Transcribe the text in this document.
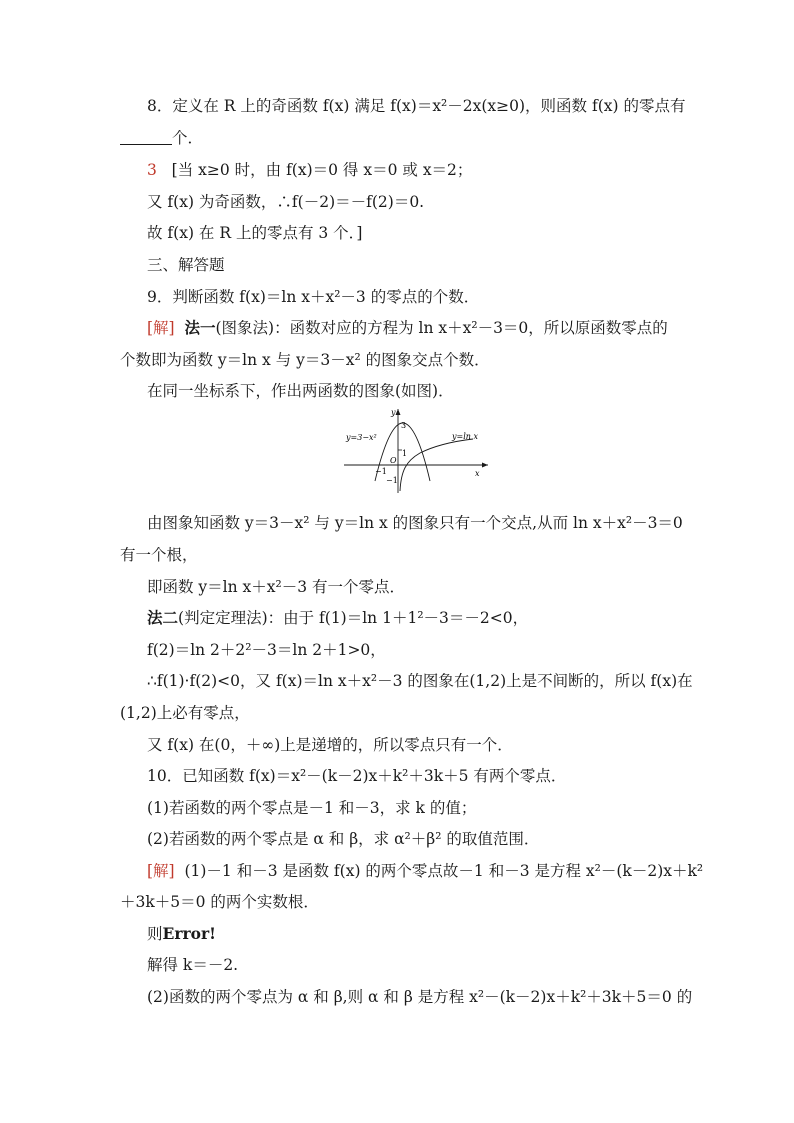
8．定义在 R 上的奇函数 f(x) 满足 f(x)＝x²－2x(x≥0)，则函数 f(x) 的零点有
个．
3 [当 x≥0 时，由 f(x)＝0 得 x＝0 或 x＝2；
又 f(x) 为奇函数，∴f(－2)＝－f(2)＝0.
故 f(x) 在 R 上的零点有 3 个．]
三、解答题
9．判断函数 f(x)＝ln x＋x²－3 的零点的个数．
[解] 法一(图象法)：函数对应的方程为 ln x＋x²－3＝0，所以原函数零点的
个数即为函数 y＝ln x 与 y＝3－x² 的图象交点个数．
在同一坐标系下，作出两函数的图象(如图)．
y=3−x²	y=ln x
y
x
3
1
O
−1
−1
由图象知函数 y＝3－x² 与 y＝ln x 的图象只有一个交点,从而 ln x＋x²－3＝0
有一个根，
即函数 y＝ln x＋x²－3 有一个零点．
法二(判定定理法)：由于 f(1)＝ln 1＋1²－3＝－2<0，
f(2)＝ln 2＋2²－3＝ln 2＋1>0，
∴f(1)·f(2)<0，又 f(x)＝ln x＋x²－3 的图象在(1,2)上是不间断的，所以 f(x)在
(1,2)上必有零点，
又 f(x) 在(0，＋∞)上是递增的，所以零点只有一个．
10．已知函数 f(x)＝x²－(k－2)x＋k²＋3k＋5 有两个零点．
(1)若函数的两个零点是－1 和－3，求 k 的值；
(2)若函数的两个零点是 α 和 β，求 α²＋β² 的取值范围．
[解] (1)－1 和－3 是函数 f(x) 的两个零点故－1 和－3 是方程 x²－(k－2)x＋k²
＋3k＋5＝0 的两个实数根．
则Error!
解得 k＝－2.
(2)函数的两个零点为 α 和 β,则 α 和 β 是方程 x²－(k－2)x＋k²＋3k＋5＝0 的
